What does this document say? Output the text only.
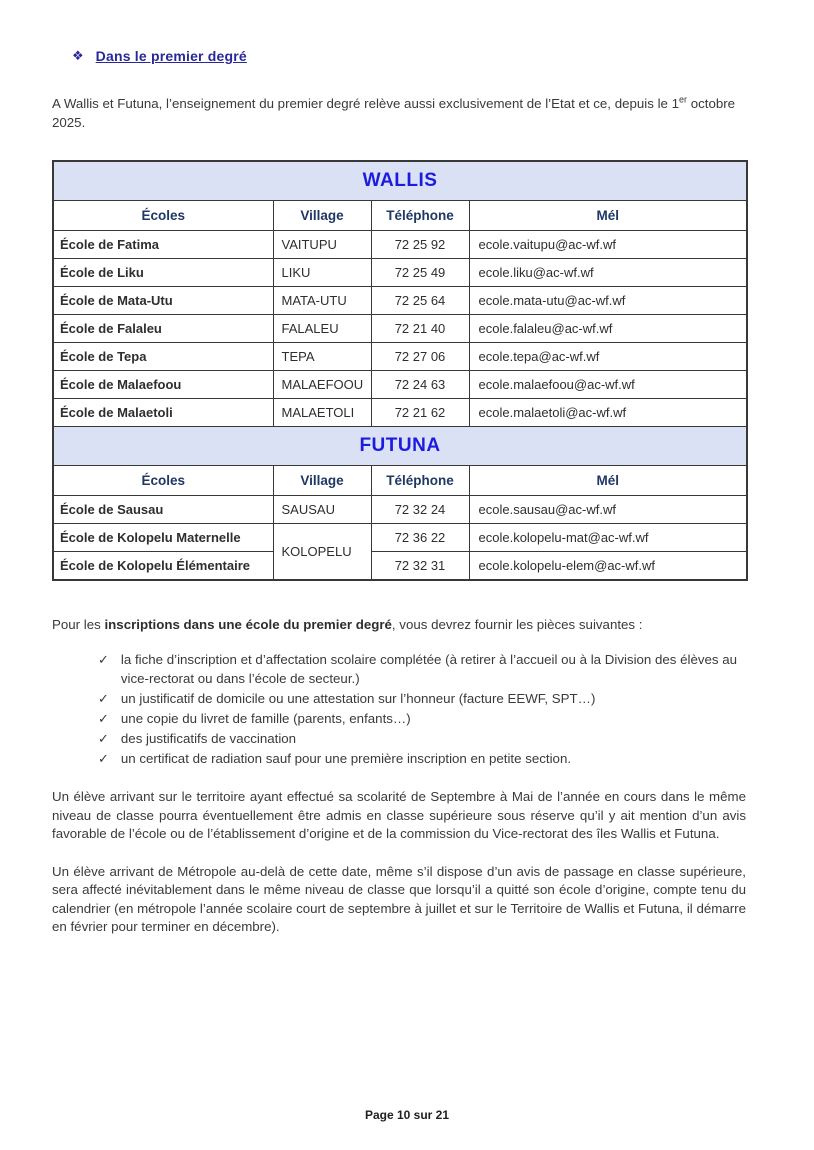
❖ Dans le premier degré

A Wallis et Futuna, l’enseignement du premier degré relève aussi exclusivement de l’Etat et ce, depuis le 1er octobre 2025.

WALLIS			
Écoles	Village	Téléphone	Mél
École de Fatima	VAITUPU	72 25 92	ecole.vaitupu@ac-wf.wf
École de Liku	LIKU	72 25 49	ecole.liku@ac-wf.wf
École de Mata-Utu	MATA-UTU	72 25 64	ecole.mata-utu@ac-wf.wf
École de Falaleu	FALALEU	72 21 40	ecole.falaleu@ac-wf.wf
École de Tepa	TEPA	72 27 06	ecole.tepa@ac-wf.wf
École de Malaefoou	MALAEFOOU	72 24 63	ecole.malaefoou@ac-wf.wf
École de Malaetoli	MALAETOLI	72 21 62	ecole.malaetoli@ac-wf.wf
FUTUNA			
Écoles	Village	Téléphone	Mél
École de Sausau	SAUSAU	72 32 24	ecole.sausau@ac-wf.wf
École de Kolopelu Maternelle	KOLOPELU	72 36 22	ecole.kolopelu-mat@ac-wf.wf
École de Kolopelu Élémentaire		72 32 31	ecole.kolopelu-elem@ac-wf.wf

Pour les inscriptions dans une école du premier degré, vous devrez fournir les pièces suivantes :

✓ la fiche d’inscription et d’affectation scolaire complétée (à retirer à l’accueil ou à la Division des élèves au vice-rectorat ou dans l’école de secteur.)
✓ un justificatif de domicile ou une attestation sur l’honneur (facture EEWF, SPT…)
✓ une copie du livret de famille (parents, enfants…)
✓ des justificatifs de vaccination
✓ un certificat de radiation sauf pour une première inscription en petite section.

Un élève arrivant sur le territoire ayant effectué sa scolarité de Septembre à Mai de l’année en cours dans le même niveau de classe pourra éventuellement être admis en classe supérieure sous réserve qu’il y ait mention d’un avis favorable de l’école ou de l’établissement d’origine et de la commission du Vice-rectorat des îles Wallis et Futuna.

Un élève arrivant de Métropole au-delà de cette date, même s’il dispose d’un avis de passage en classe supérieure, sera affecté inévitablement dans le même niveau de classe que lorsqu’il a quitté son école d’origine, compte tenu du calendrier (en métropole l’année scolaire court de septembre à juillet et sur le Territoire de Wallis et Futuna, il démarre en février pour terminer en décembre).

Page 10 sur 21
